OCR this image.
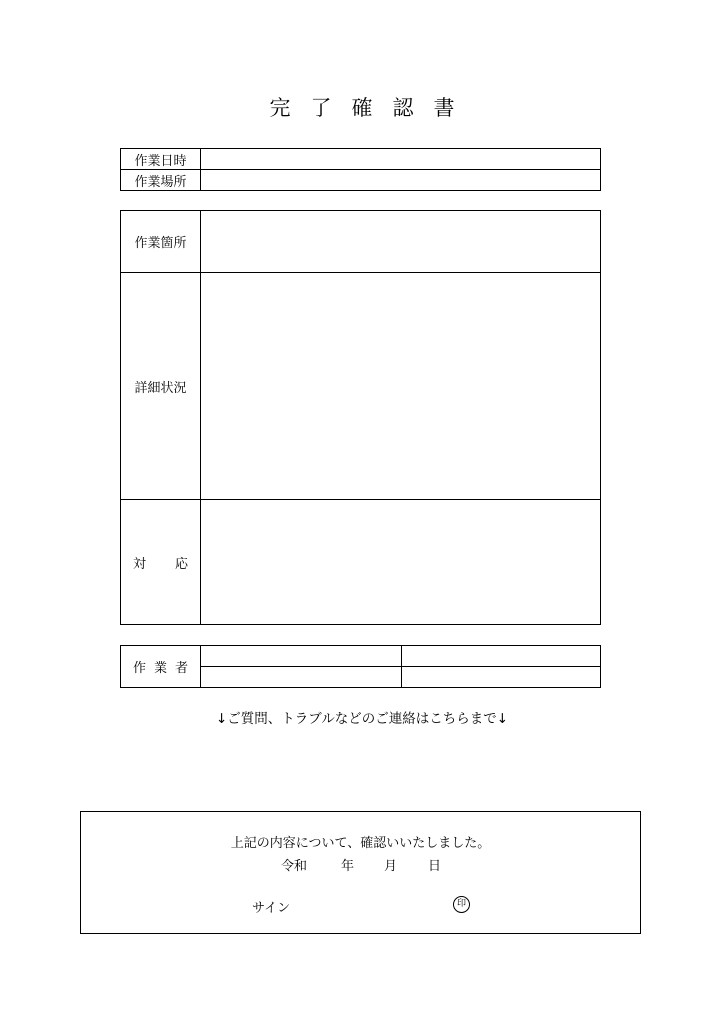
完了確認書
作業日時	
作業場所	
作業箇所	
詳細状況	

対 応	

作業者		

↓ご質問、トラブルなどのご連絡はこちらまで↓
上記の内容について、確認いいたしました。
令和	年 月 日
サイン	印
